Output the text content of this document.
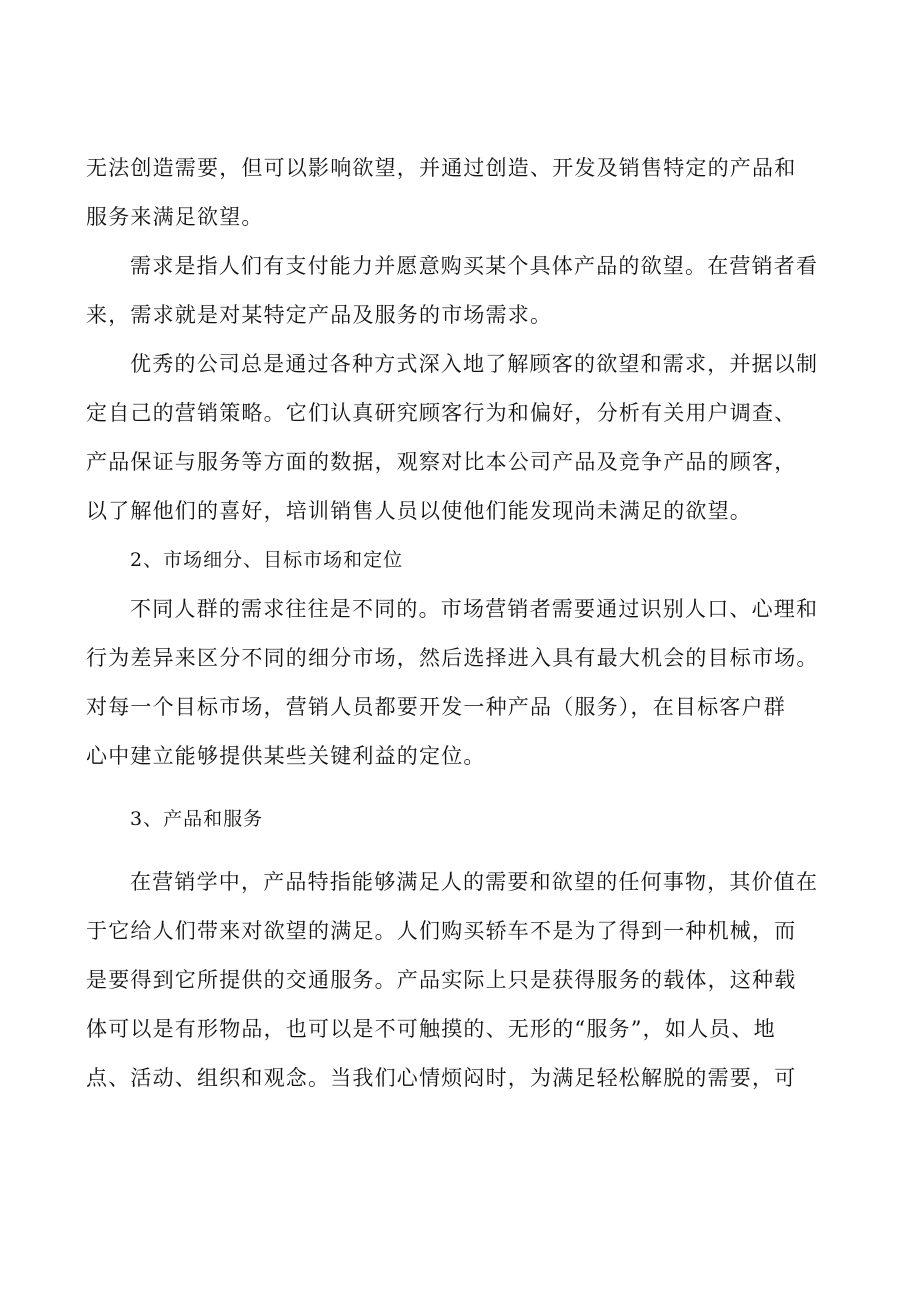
无法创造需要，但可以影响欲望，并通过创造、开发及销售特定的产品和
服务来满足欲望。
需求是指人们有支付能力并愿意购买某个具体产品的欲望。在营销者看
来，需求就是对某特定产品及服务的市场需求。
优秀的公司总是通过各种方式深入地了解顾客的欲望和需求，并据以制
定自己的营销策略。它们认真研究顾客行为和偏好，分析有关用户调查、
产品保证与服务等方面的数据，观察对比本公司产品及竞争产品的顾客，
以了解他们的喜好，培训销售人员以使他们能发现尚未满足的欲望。
2、市场细分、目标市场和定位
不同人群的需求往往是不同的。市场营销者需要通过识别人口、心理和
行为差异来区分不同的细分市场，然后选择进入具有最大机会的目标市场。
对每一个目标市场，营销人员都要开发一种产品（服务），在目标客户群
心中建立能够提供某些关键利益的定位。
3、产品和服务
在营销学中，产品特指能够满足人的需要和欲望的任何事物，其价值在
于它给人们带来对欲望的满足。人们购买轿车不是为了得到一种机械，而
是要得到它所提供的交通服务。产品实际上只是获得服务的载体，这种载
体可以是有形物品，也可以是不可触摸的、无形的“服务”，如人员、地
点、活动、组织和观念。当我们心情烦闷时，为满足轻松解脱的需要，可
